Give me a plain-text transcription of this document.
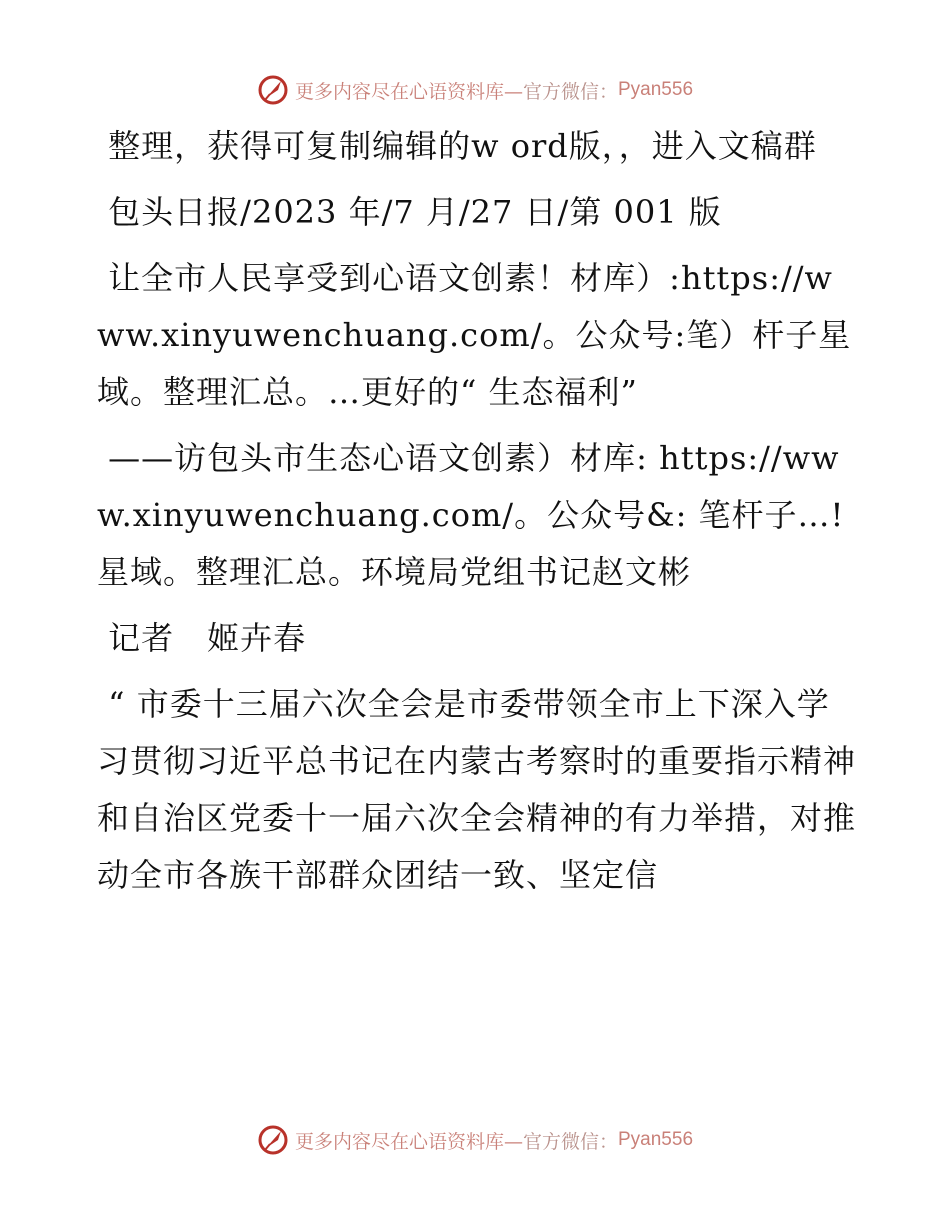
更多内容尽在心语资料库— 官方微信： Pyan556

整理，获得可复制编辑的w ord版，，进入文稿群

包头日报/2023 年/7 月/27 日/第 001 版

让全市人民享受到心语文创素！材库）:https://www.xinyuwenchuang.com/。公众号:笔）杆子星域。整理汇总。…更好的“ 生态福利”

——访包头市生态心语文创素）材库: https://www.xinyuwenchuang.com/。公众号&: 笔杆子…!星域。整理汇总。环境局党组书记赵文彬

记者　姬卉春

“ 市委十三届六次全会是市委带领全市上下深入学习贯彻习近平总书记在内蒙古考察时的重要指示精神和自治区党委十一届六次全会精神的有力举措，对推动全市各族干部群众团结一致、坚定信

更多内容尽在心语资料库— 官方微信： Pyan556
